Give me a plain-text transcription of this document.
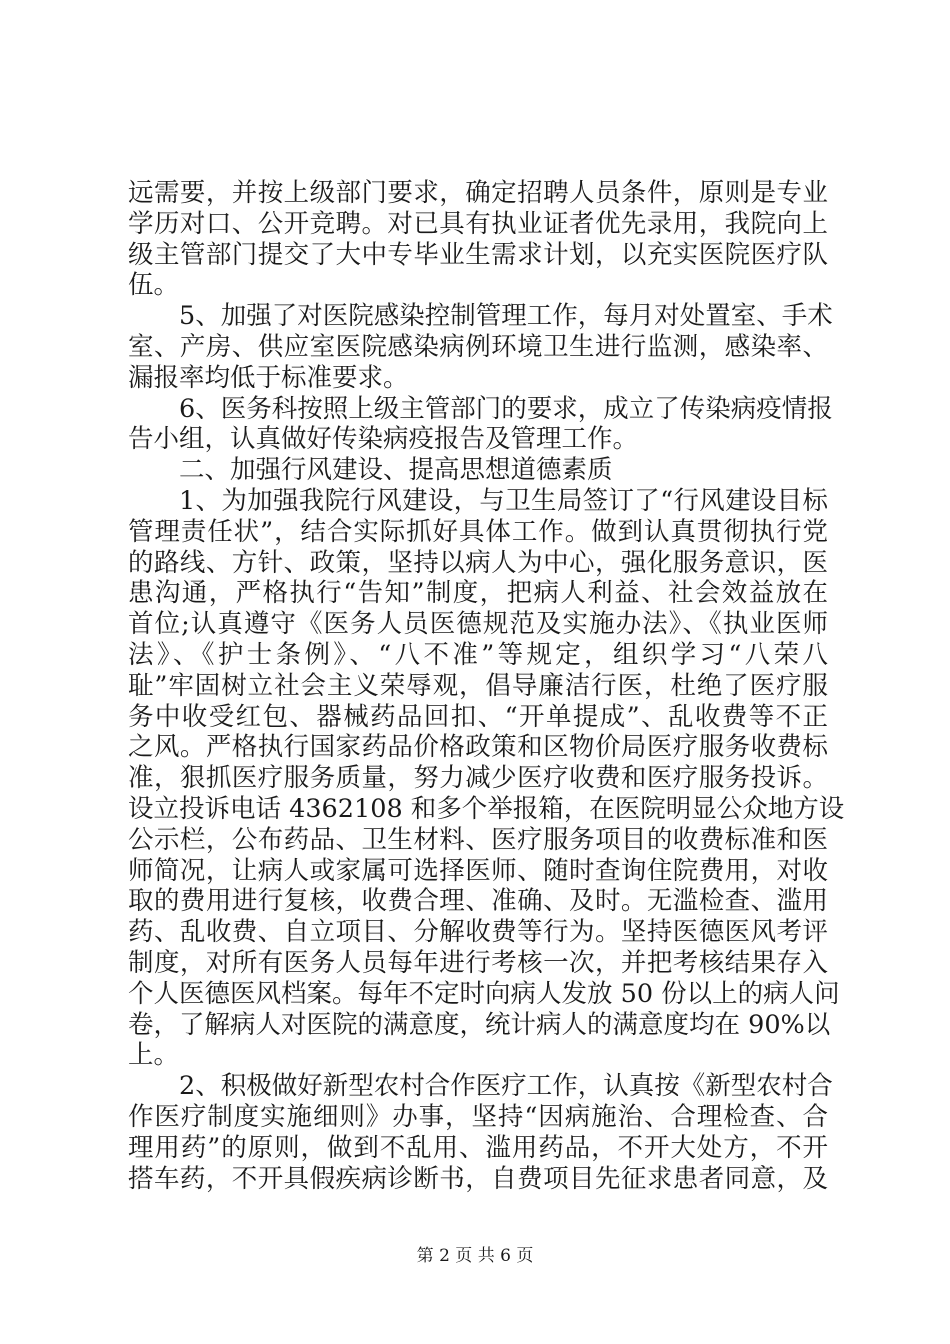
远需要，并按上级部门要求，确定招聘人员条件，原则是专业
学历对口、公开竞聘。对已具有执业证者优先录用，我院向上
级主管部门提交了大中专毕业生需求计划，以充实医院医疗队
伍。
5、加强了对医院感染控制管理工作，每月对处置室、手术
室、产房、供应室医院感染病例环境卫生进行监测，感染率、
漏报率均低于标准要求。
6、医务科按照上级主管部门的要求，成立了传染病疫情报
告小组，认真做好传染病疫报告及管理工作。
二、加强行风建设、提高思想道德素质
1、为加强我院行风建设，与卫生局签订了“行风建设目标
管理责任状”，结合实际抓好具体工作。做到认真贯彻执行党
的路线、方针、政策，坚持以病人为中心，强化服务意识，医
患沟通，严格执行“告知”制度，把病人利益、社会效益放在
首位;认真遵守《医务人员医德规范及实施办法》、《执业医师
法》、《护士条例》、“八不准”等规定，组织学习“八荣八
耻”牢固树立社会主义荣辱观，倡导廉洁行医，杜绝了医疗服
务中收受红包、器械药品回扣、“开单提成”、乱收费等不正
之风。严格执行国家药品价格政策和区物价局医疗服务收费标
准，狠抓医疗服务质量，努力减少医疗收费和医疗服务投诉。
设立投诉电话 4362108 和多个举报箱，在医院明显公众地方设
公示栏，公布药品、卫生材料、医疗服务项目的收费标准和医
师简况，让病人或家属可选择医师、随时查询住院费用，对收
取的费用进行复核，收费合理、准确、及时。无滥检查、滥用
药、乱收费、自立项目、分解收费等行为。坚持医德医风考评
制度，对所有医务人员每年进行考核一次，并把考核结果存入
个人医德医风档案。每年不定时向病人发放 50 份以上的病人问
卷，了解病人对医院的满意度，统计病人的满意度均在 90%以
上。
2、积极做好新型农村合作医疗工作，认真按《新型农村合
作医疗制度实施细则》办事，坚持“因病施治、合理检查、合
理用药”的原则，做到不乱用、滥用药品，不开大处方，不开
搭车药，不开具假疾病诊断书，自费项目先征求患者同意，及
第 2 页 共 6 页
